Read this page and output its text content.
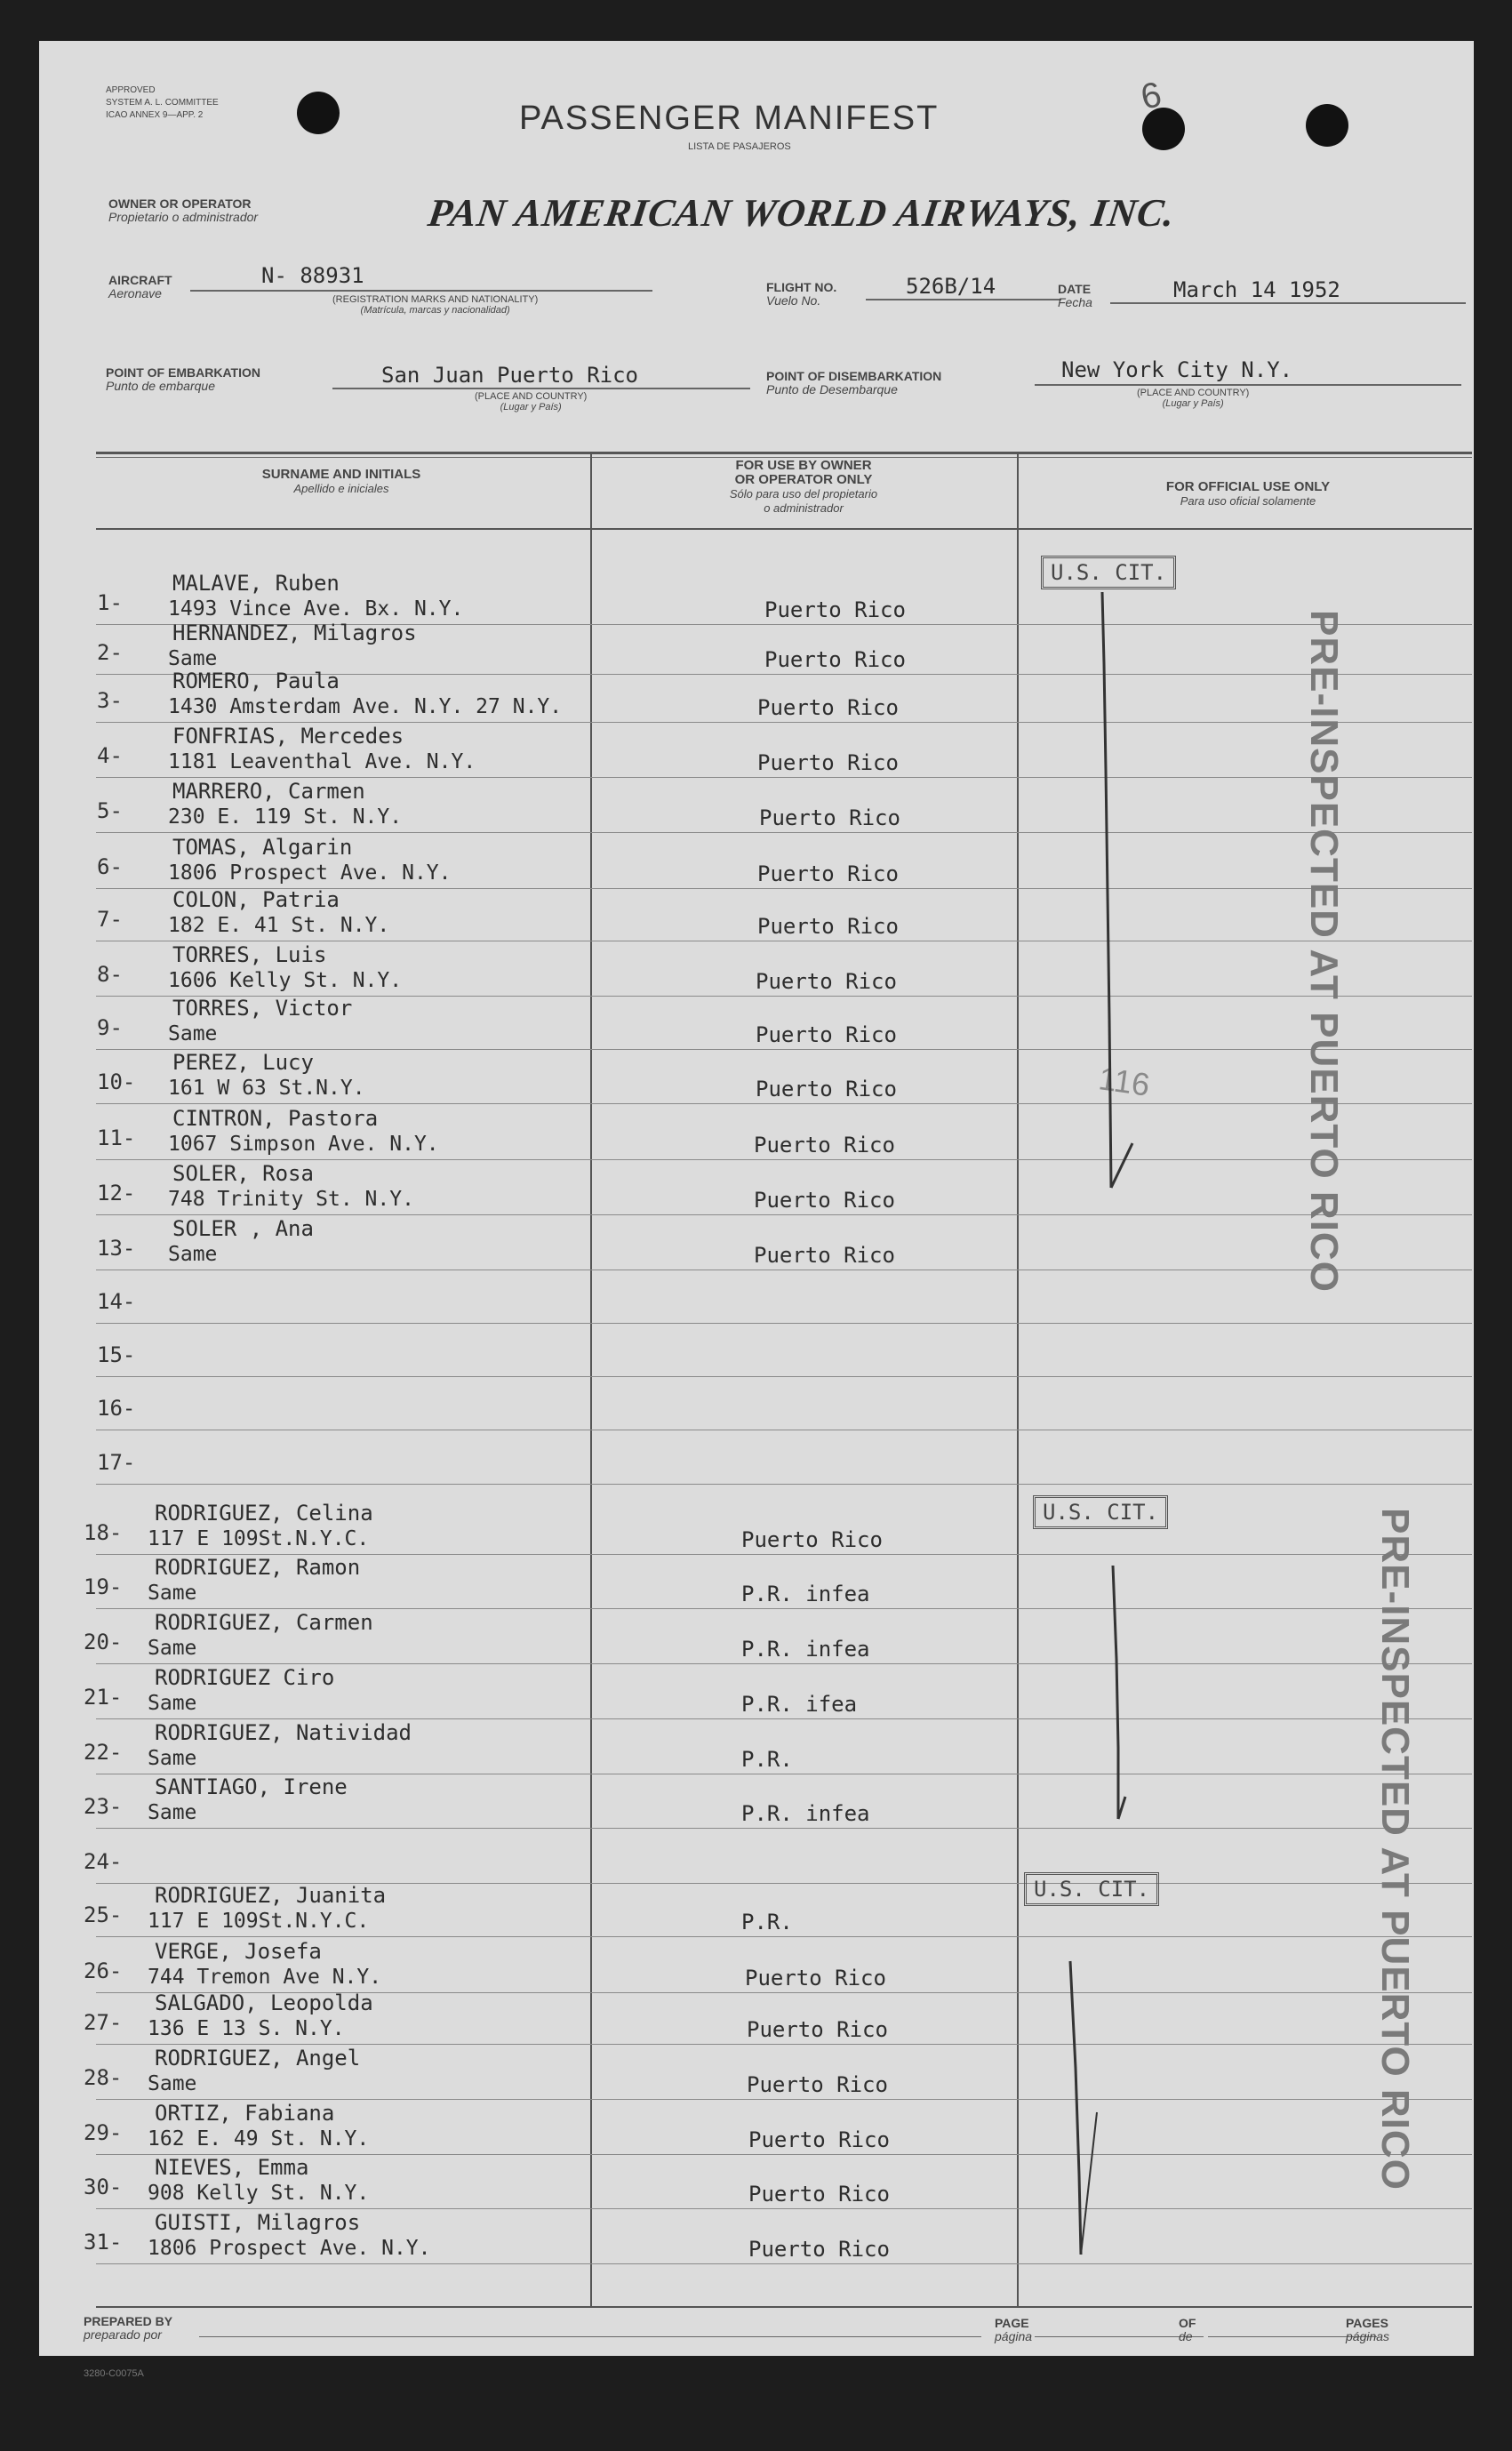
APPROVED
SYSTEM A. L. COMMITTEE
ICAO ANNEX 9—APP. 2	PASSENGER MANIFEST
LISTA DE PASAJEROS
6
OWNER OR OPERATOR
Propietario o administrador	PAN AMERICAN WORLD AIRWAYS, INC.
AIRCRAFT
Aeronave
N- 88931
(REGISTRATION MARKS AND NATIONALITY)
(Matrícula, marcas y nacionalidad)
FLIGHT NO.
Vuelo No.
526B/14	DATE
Fecha	March 14 1952
POINT OF EMBARKATION
Punto de embarque	San Juan Puerto Rico
(PLACE AND COUNTRY)
(Lugar y País)
POINT OF DISEMBARKATION
Punto de Desembarque
New York City N.Y.
(PLACE AND COUNTRY)
(Lugar y País)
SURNAME AND INITIALS
Apellido e iniciales
FOR USE BY OWNER
OR OPERATOR ONLY
Sólo para uso del propietario
o administrador
FOR OFFICIAL USE ONLY
Para uso oficial solamente
1-
MALAVE, Ruben
1493 Vince Ave. Bx. N.Y.	Puerto Rico
2-
HERNANDEZ, Milagros
Same	Puerto Rico
3-
ROMERO, Paula
1430 Amsterdam Ave. N.Y. 27 N.Y.	Puerto Rico
4-
FONFRIAS, Mercedes
1181 Leaventhal Ave. N.Y.	Puerto Rico
5-
MARRERO, Carmen
230 E. 119 St. N.Y.	Puerto Rico
6-
TOMAS, Algarin
1806 Prospect Ave. N.Y.	Puerto Rico
7-
COLON, Patria
182 E. 41 St. N.Y.	Puerto Rico
8-
TORRES, Luis
1606 Kelly St. N.Y.	Puerto Rico
9-
TORRES, Victor
Same	Puerto Rico
10-
PEREZ, Lucy
161 W 63 St.N.Y.	Puerto Rico
11-
CINTRON, Pastora
1067 Simpson Ave. N.Y.	Puerto Rico
12-
SOLER, Rosa
748 Trinity St. N.Y.	Puerto Rico
13-
SOLER , Ana
Same	Puerto Rico
14-
15-
16-
17-
18-
RODRIGUEZ, Celina
117 E 109St.N.Y.C.	Puerto Rico
19-
RODRIGUEZ, Ramon
Same	P.R. infea
20-
RODRIGUEZ, Carmen
Same	P.R. infea
21-
RODRIGUEZ Ciro
Same	P.R. ifea
22-
RODRIGUEZ, Natividad
Same	P.R.
23-
SANTIAGO, Irene
Same	P.R. infea
24-
25-
RODRIGUEZ, Juanita
117 E 109St.N.Y.C.	P.R.
26-
VERGE, Josefa
744 Tremon Ave N.Y.	Puerto Rico
27-
SALGADO, Leopolda
136 E 13 S. N.Y.	Puerto Rico
28-
RODRIGUEZ, Angel
Same	Puerto Rico
29-
ORTIZ, Fabiana
162 E. 49 St. N.Y.	Puerto Rico
30-
NIEVES, Emma
908 Kelly St. N.Y.	Puerto Rico
31-
GUISTI, Milagros
1806 Prospect Ave. N.Y.	Puerto Rico
U.S. CIT.
U.S. CIT.
U.S. CIT.
PRE-INSPECTED AT PUERTO RICO
PRE-INSPECTED AT PUERTO RICO
116
PREPARED BY
preparado por
PAGE
página
OF
de
PAGES
páginas
3280-C0075A
